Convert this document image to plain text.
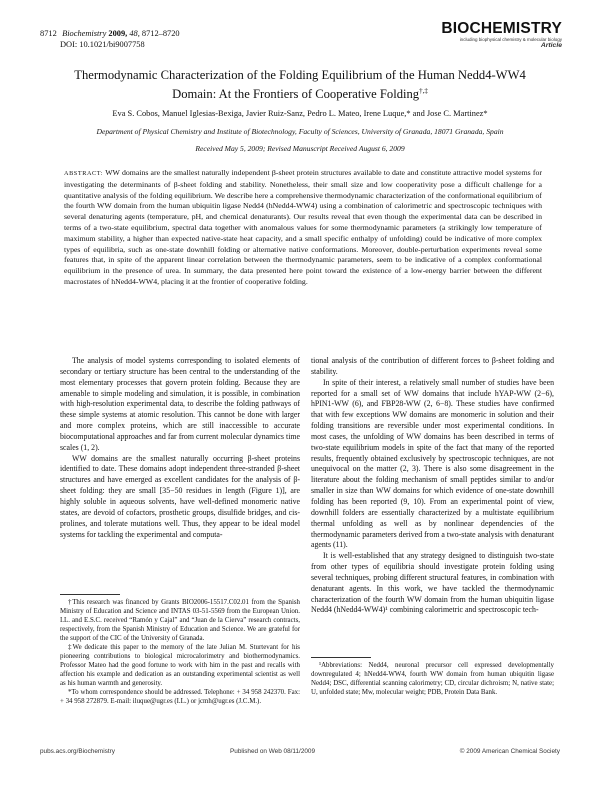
8712 Biochemistry 2009, 48, 8712–8720
DOI: 10.1021/bi9007758
BIOCHEMISTRY
including biophysical chemistry & molecular biology
Article
Thermodynamic Characterization of the Folding Equilibrium of the Human Nedd4-WW4 Domain: At the Frontiers of Cooperative Folding†,‡
Eva S. Cobos, Manuel Iglesias-Bexiga, Javier Ruiz-Sanz, Pedro L. Mateo, Irene Luque,* and Jose C. Martinez*
Department of Physical Chemistry and Institute of Biotechnology, Faculty of Sciences, University of Granada, 18071 Granada, Spain
Received May 5, 2009; Revised Manuscript Received August 6, 2009
ABSTRACT: WW domains are the smallest naturally independent β-sheet protein structures available to date and constitute attractive model systems for investigating the determinants of β-sheet folding and stability. Nonetheless, their small size and low cooperativity pose a difficult challenge for a quantitative analysis of the folding equilibrium. We describe here a comprehensive thermodynamic characterization of the conformational equilibrium of the fourth WW domain from the human ubiquitin ligase Nedd4 (hNedd4-WW4) using a combination of calorimetric and spectroscopic techniques with several denaturing agents (temperature, pH, and chemical denaturants). Our results reveal that even though the experimental data can be described in terms of a two-state equilibrium, spectral data together with anomalous values for some thermodynamic parameters (a strikingly low temperature of maximum stability, a higher than expected native-state heat capacity, and a small specific enthalpy of unfolding) could be indicative of more complex types of equilibria, such as one-state downhill folding or alternative native conformations. Moreover, double-perturbation experiments reveal some features that, in spite of the apparent linear correlation between the thermodynamic parameters, seem to be indicative of a complex conformational equilibrium in the presence of urea. In summary, the data presented here point toward the existence of a low-energy barrier between the different macrostates of hNedd4-WW4, placing it at the frontier of cooperative folding.

The analysis of model systems corresponding to isolated elements of secondary or tertiary structure has been central to the understanding of the most elementary processes that govern protein folding. Because they are amenable to simple modeling and simulation, it is possible, in combination with high-resolution experimental data, to describe the folding pathways of these simple systems at atomic resolution. This cannot be done with larger and more complex proteins, which are still inaccessible to accurate biocomputational approaches and far from current molecular dynamics time scales (1, 2).

WW domains are the smallest naturally occurring β-sheet proteins identified to date. These domains adopt independent three-stranded β-sheet structures and have emerged as excellent candidates for the analysis of β-sheet folding: they are small [35−50 residues in length (Figure 1)], are highly soluble in aqueous solvents, have well-defined monomeric native states, are devoid of cofactors, prosthetic groups, disulfide bridges, and cis-prolines, and tolerate mutations well. Thus, they appear to be ideal model systems for tackling the experimental and computa-

tional analysis of the contribution of different forces to β-sheet folding and stability.

In spite of their interest, a relatively small number of studies have been reported for a small set of WW domains that include hYAP-WW (2−6), hPIN1-WW (6), and FBP28-WW (2, 6−8). These studies have confirmed that with few exceptions WW domains are monomeric in solution and their folding transitions are reversible under most experimental conditions. In most cases, the unfolding of WW domains has been described in terms of two-state equilibrium models in spite of the fact that many of the reported results, frequently obtained exclusively by spectroscopic techniques, are not unequivocal on the matter (2, 3). There is also some disagreement in the literature about the folding mechanism of small peptides similar to and/or smaller in size than WW domains for which evidence of one-state downhill folding has been reported (9, 10). From an experimental point of view, downhill folders are essentially characterized by a multistate equilibrium thermal unfolding as well as by nonlinear dependencies of the thermodynamic parameters derived from a two-state analysis with denaturant agents (11).

It is well-established that any strategy designed to distinguish two-state from other types of equilibria should investigate protein folding using several techniques, probing different structural features, in combination with denaturant agents. In this work, we have tackled the thermodynamic characterization of the fourth WW domain from the human ubiquitin ligase Nedd4 (hNedd4-WW4)¹ combining calorimetric and spectroscopic tech-

†This research was financed by Grants BIO2006-15517.C02.01 from the Spanish Ministry of Education and Science and INTAS 03-51-5569 from the European Union. I.L. and E.S.C. received “Ramón y Cajal” and “Juan de la Cierva” research contracts, respectively, from the Spanish Ministry of Education and Science. We are grateful for the support of the CIC of the University of Granada.

‡We dedicate this paper to the memory of the late Julian M. Sturtevant for his pioneering contributions to biological microcalorimetry and biothermodynamics. Professor Mateo had the good fortune to work with him in the past and recalls with affection his example and dedication as an outstanding experimental scientist as well as his human warmth and generosity.

*To whom correspondence should be addressed. Telephone: + 34 958 242370. Fax: + 34 958 272879. E-mail: iluque@ugr.es (I.L.) or jcmh@ugr.es (J.C.M.).

¹Abbreviations: Nedd4, neuronal precursor cell expressed developmentally downregulated 4; hNedd4-WW4, fourth WW domain from human ubiquitin ligase Nedd4; DSC, differential scanning calorimetry; CD, circular dichroism; N, native state; U, unfolded state; Mw, molecular weight; PDB, Protein Data Bank.

pubs.acs.org/Biochemistry	Published on Web 08/11/2009	© 2009 American Chemical Society
